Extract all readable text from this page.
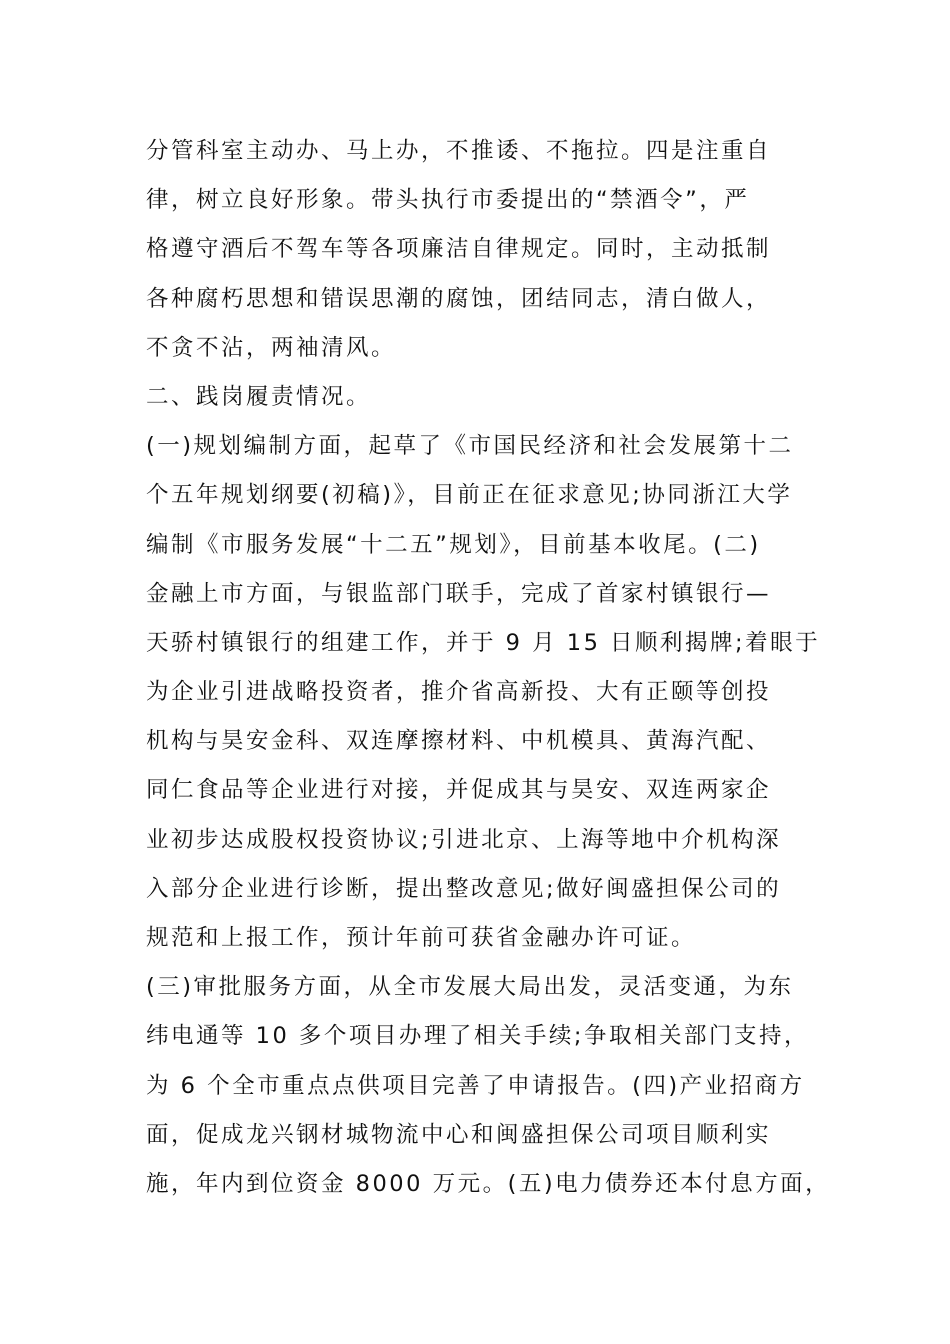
分管科室主动办、马上办，不推诿、不拖拉。四是注重自
律，树立良好形象。带头执行市委提出的“禁酒令”，严
格遵守酒后不驾车等各项廉洁自律规定。同时，主动抵制
各种腐朽思想和错误思潮的腐蚀，团结同志，清白做人，
不贪不沾，两袖清风。
二、践岗履责情况。
(一)规划编制方面，起草了《市国民经济和社会发展第十二
个五年规划纲要(初稿)》，目前正在征求意见;协同浙江大学
编制《市服务发展“十二五”规划》，目前基本收尾。(二)
金融上市方面，与银监部门联手，完成了首家村镇银行—
天骄村镇银行的组建工作，并于 9 月 15 日顺利揭牌;着眼于
为企业引进战略投资者，推介省高新投、大有正颐等创投
机构与昊安金科、双连摩擦材料、中机模具、黄海汽配、
同仁食品等企业进行对接，并促成其与昊安、双连两家企
业初步达成股权投资协议;引进北京、上海等地中介机构深
入部分企业进行诊断，提出整改意见;做好闽盛担保公司的
规范和上报工作，预计年前可获省金融办许可证。
(三)审批服务方面，从全市发展大局出发，灵活变通，为东
纬电通等 10 多个项目办理了相关手续;争取相关部门支持，
为 6 个全市重点点供项目完善了申请报告。(四)产业招商方
面，促成龙兴钢材城物流中心和闽盛担保公司项目顺利实
施，年内到位资金 8000 万元。(五)电力债券还本付息方面，
